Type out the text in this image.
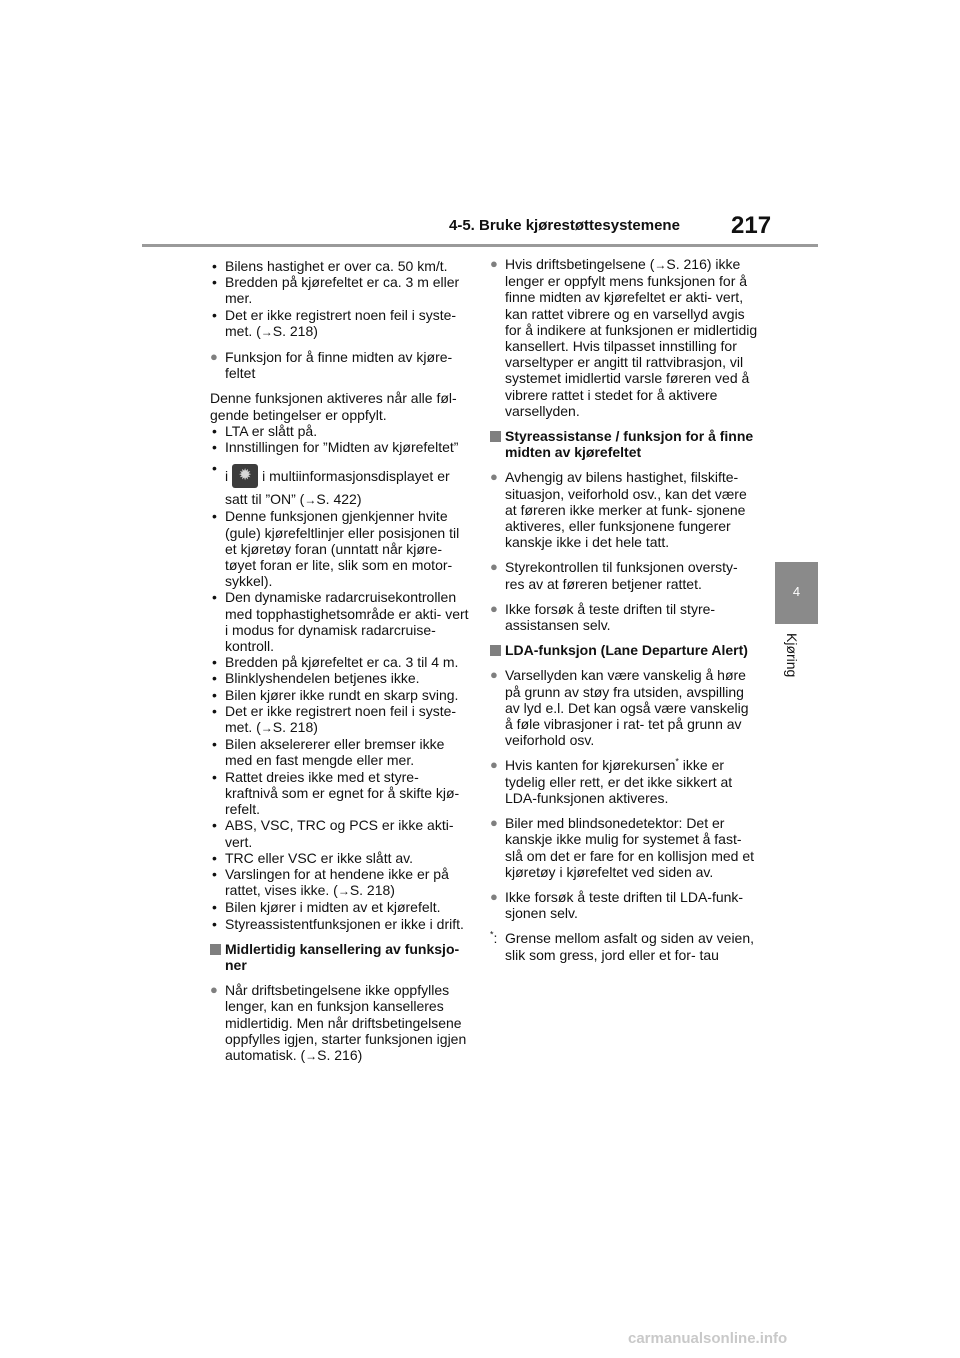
4-5. Bruke kjørestøttesystemene 217
4
Kjøring

• Bilens hastighet er over ca. 50 km/t.

• Bredden på kjørefeltet er ca. 3 m eller mer.

• Det er ikke registrert noen feil i syste- met. (→S. 218)

● Funksjon for å finne midten av kjøre- feltet

Denne funksjonen aktiveres når alle føl- gende betingelser er oppfylt.

• LTA er slått på.

• Innstillingen for ”Midten av kjørefeltet”

• i✹ i multiinformasjonsdisplayet er

satt til ”ON” (→S. 422)

• Denne funksjonen gjenkjenner hvite (gule) kjørefeltlinjer eller posisjonen til et kjøretøy foran (unntatt når kjøre- tøyet foran er lite, slik som en motor- sykkel).

• Den dynamiske radarcruisekontrollen med topphastighetsområde er akti- vert i modus for dynamisk radarcruise- kontroll.

• Bredden på kjørefeltet er ca. 3 til 4 m.

• Blinklyshendelen betjenes ikke.

• Bilen kjører ikke rundt en skarp sving.

• Det er ikke registrert noen feil i syste- met. (→S. 218)

• Bilen akselererer eller bremser ikke med en fast mengde eller mer.

• Rattet dreies ikke med et styre- kraftnivå som er egnet for å skifte kjø- refelt.

• ABS, VSC, TRC og PCS er ikke akti- vert.

• TRC eller VSC er ikke slått av.

• Varslingen for at hendene ikke er på rattet, vises ikke. (→S. 218)

• Bilen kjører i midten av et kjørefelt.

• Styreassistentfunksjonen er ikke i drift.

Midlertidig kansellering av funksjo- ner

● Når driftsbetingelsene ikke oppfylles lenger, kan en funksjon kanselleres midlertidig. Men når driftsbetingelsene oppfylles igjen, starter funksjonen igjen automatisk. (→S. 216)

● Hvis driftsbetingelsene (→S. 216) ikke lenger er oppfylt mens funksjonen for å finne midten av kjørefeltet er akti- vert, kan rattet vibrere og en varsellyd avgis for å indikere at funksjonen er midlertidig kansellert. Hvis tilpasset innstilling for varseltyper er angitt til rattvibrasjon, vil systemet imidlertid varsle føreren ved å vibrere rattet i stedet for å aktivere varsellyden.

Styreassistanse / funksjon for å finne midten av kjørefeltet

● Avhengig av bilens hastighet, filskifte- situasjon, veiforhold osv., kan det være at føreren ikke merker at funk- sjonene aktiveres, eller funksjonene fungerer kanskje ikke i det hele tatt.

● Styrekontrollen til funksjonen oversty- res av at føreren betjener rattet.

● Ikke forsøk å teste driften til styre- assistansen selv.

LDA-funksjon (Lane Departure Alert)

● Varsellyden kan være vanskelig å høre på grunn av støy fra utsiden, avspilling av lyd e.l. Det kan også være vanskelig å føle vibrasjoner i rat- tet på grunn av veiforhold osv.

● Hvis kanten for kjørekursen* ikke er tydelig eller rett, er det ikke sikkert at LDA-funksjonen aktiveres.

● Biler med blindsonedetektor: Det er kanskje ikke mulig for systemet å fast- slå om det er fare for en kollisjon med et kjøretøy i kjørefeltet ved siden av.

● Ikke forsøk å teste driften til LDA-funk- sjonen selv.

*: Grense mellom asfalt og siden av veien, slik som gress, jord eller et for- tau

carmanualsonline.info
